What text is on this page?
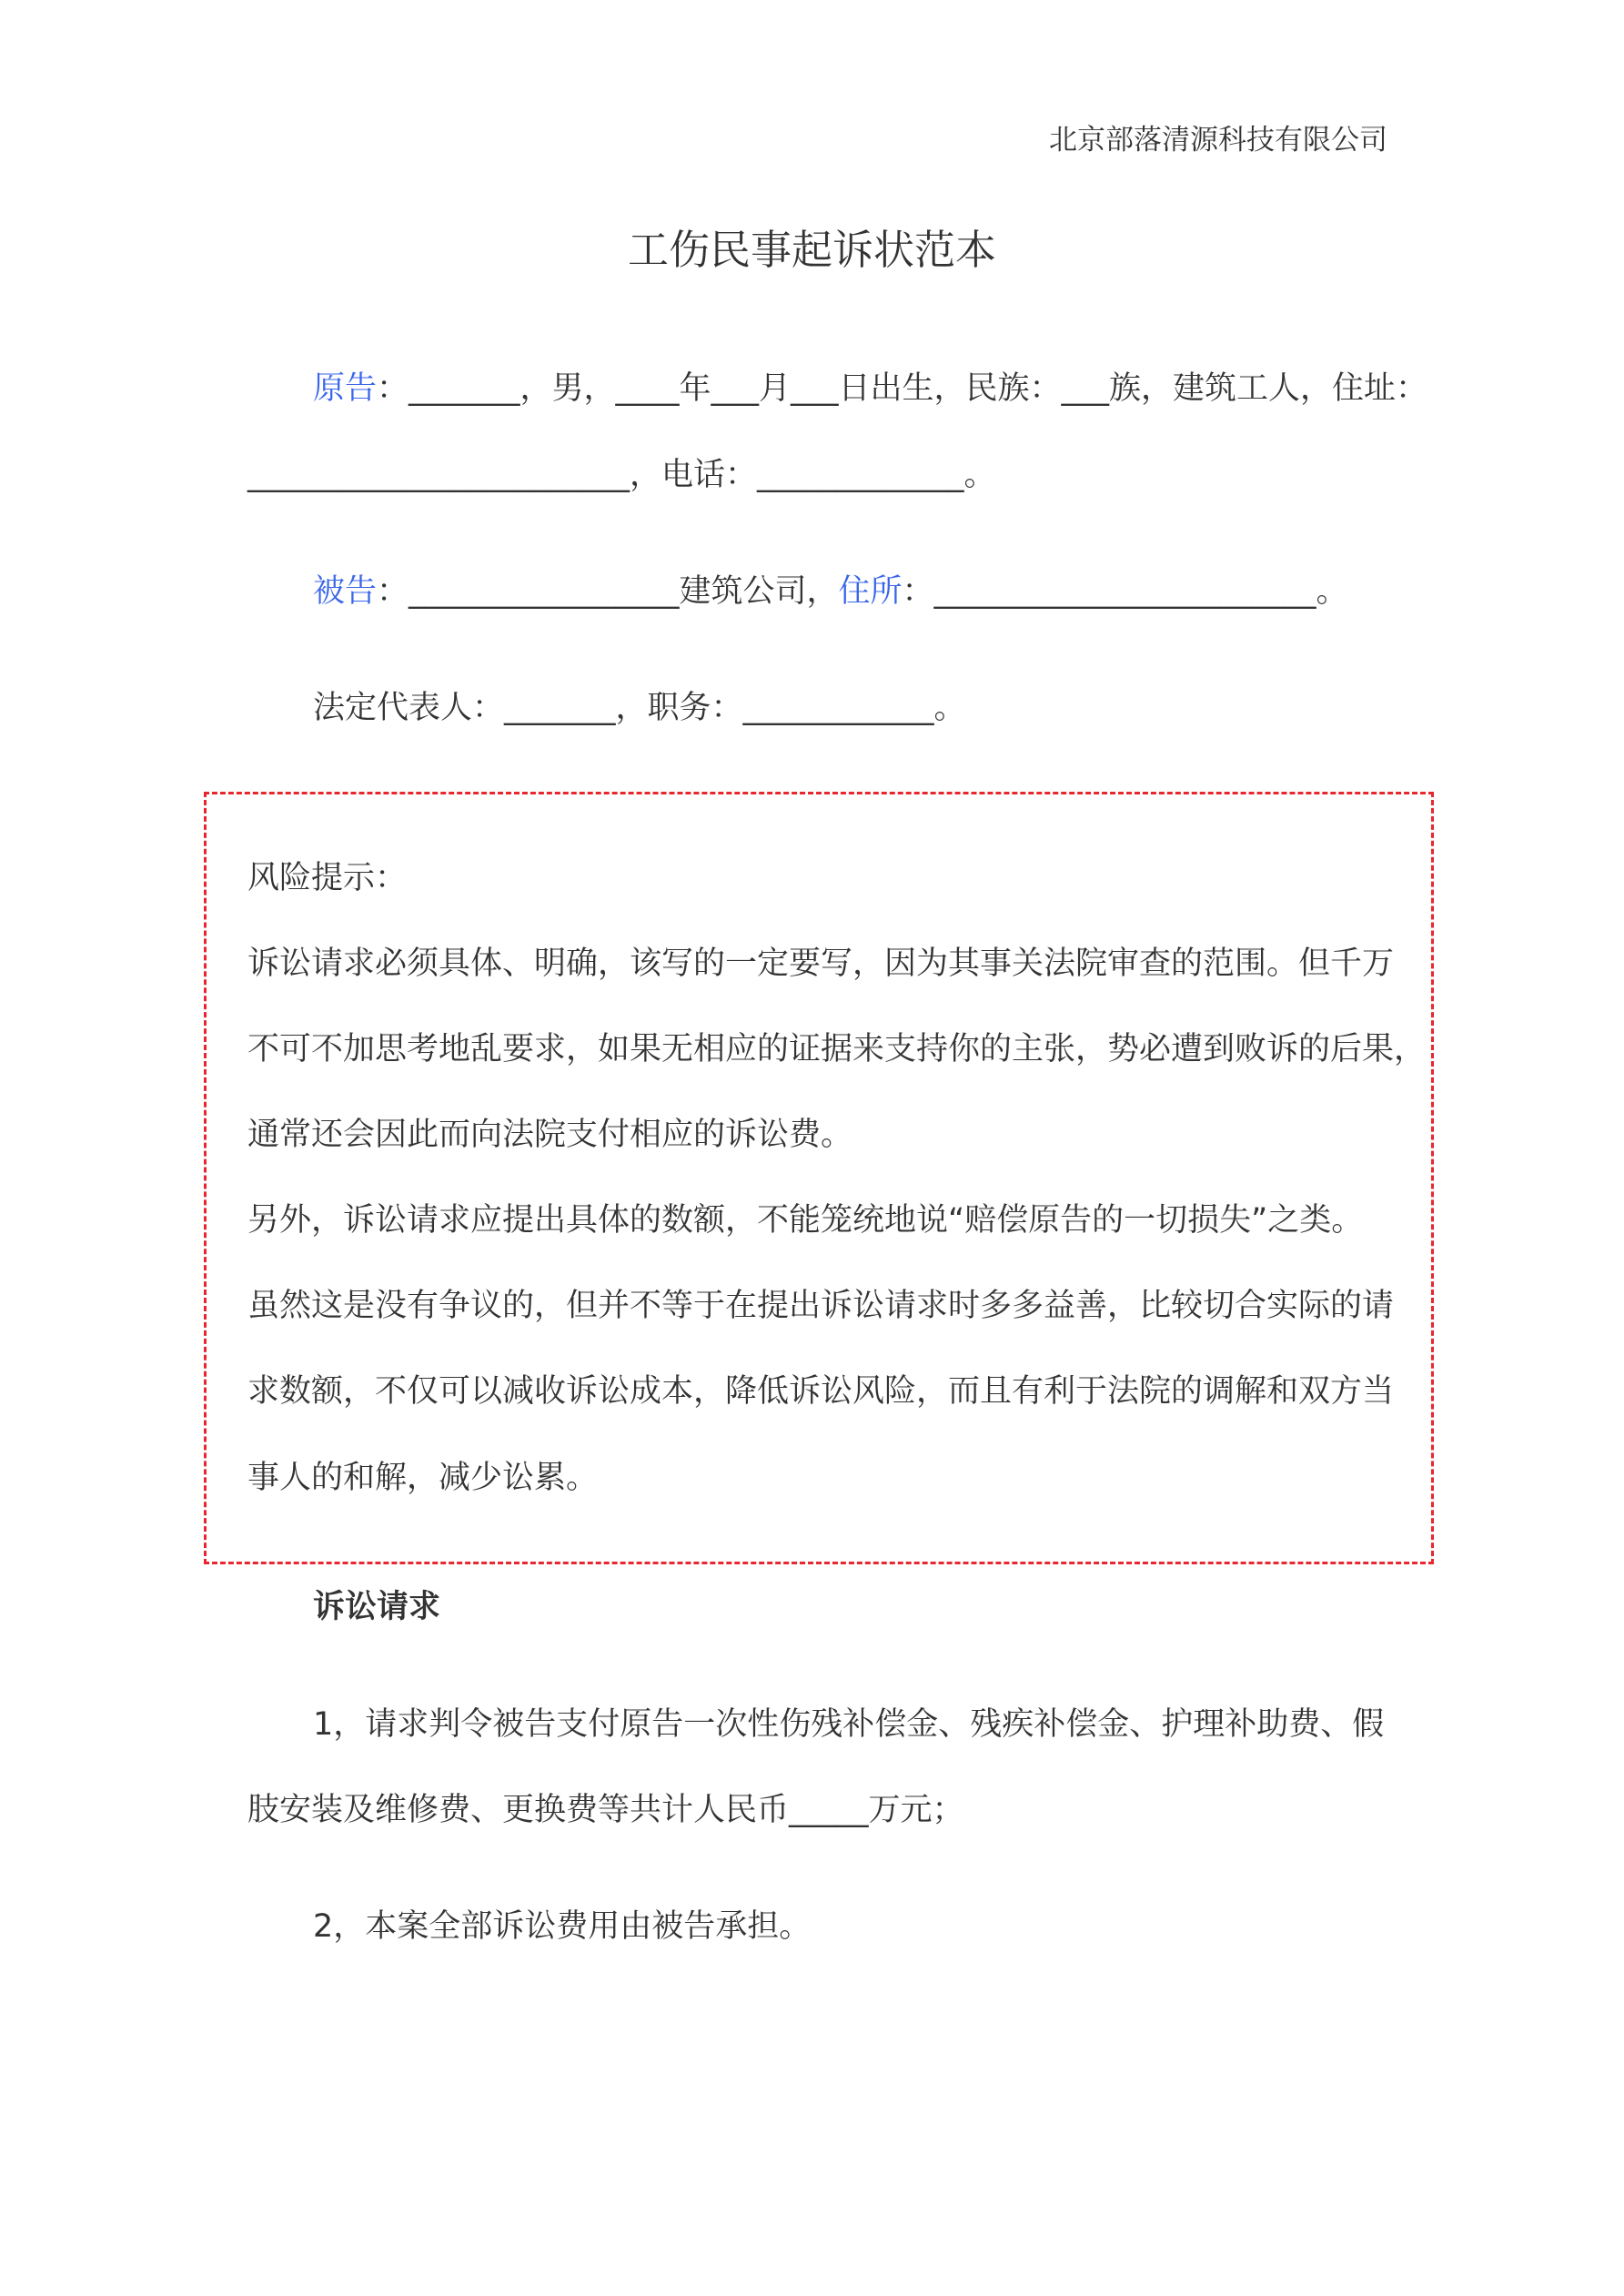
北京部落清源科技有限公司
工伤民事起诉状范本
原告：_______，男，____年___月___日出生，民族：___族，建筑工人，住址：
________________________，电话：_____________。
被告：_________________建筑公司，住所：________________________。
法定代表人：_______，职务：____________。
风险提示：
诉讼请求必须具体、明确，该写的一定要写，因为其事关法院审查的范围。但千万
不可不加思考地乱要求，如果无相应的证据来支持你的主张，势必遭到败诉的后果，
通常还会因此而向法院支付相应的诉讼费。
另外，诉讼请求应提出具体的数额，不能笼统地说“赔偿原告的一切损失”之类。
虽然这是没有争议的，但并不等于在提出诉讼请求时多多益善，比较切合实际的请
求数额，不仅可以减收诉讼成本，降低诉讼风险，而且有利于法院的调解和双方当
事人的和解，减少讼累。
诉讼请求
1，请求判令被告支付原告一次性伤残补偿金、残疾补偿金、护理补助费、假
肢安装及维修费、更换费等共计人民币_____万元；
2，本案全部诉讼费用由被告承担。
